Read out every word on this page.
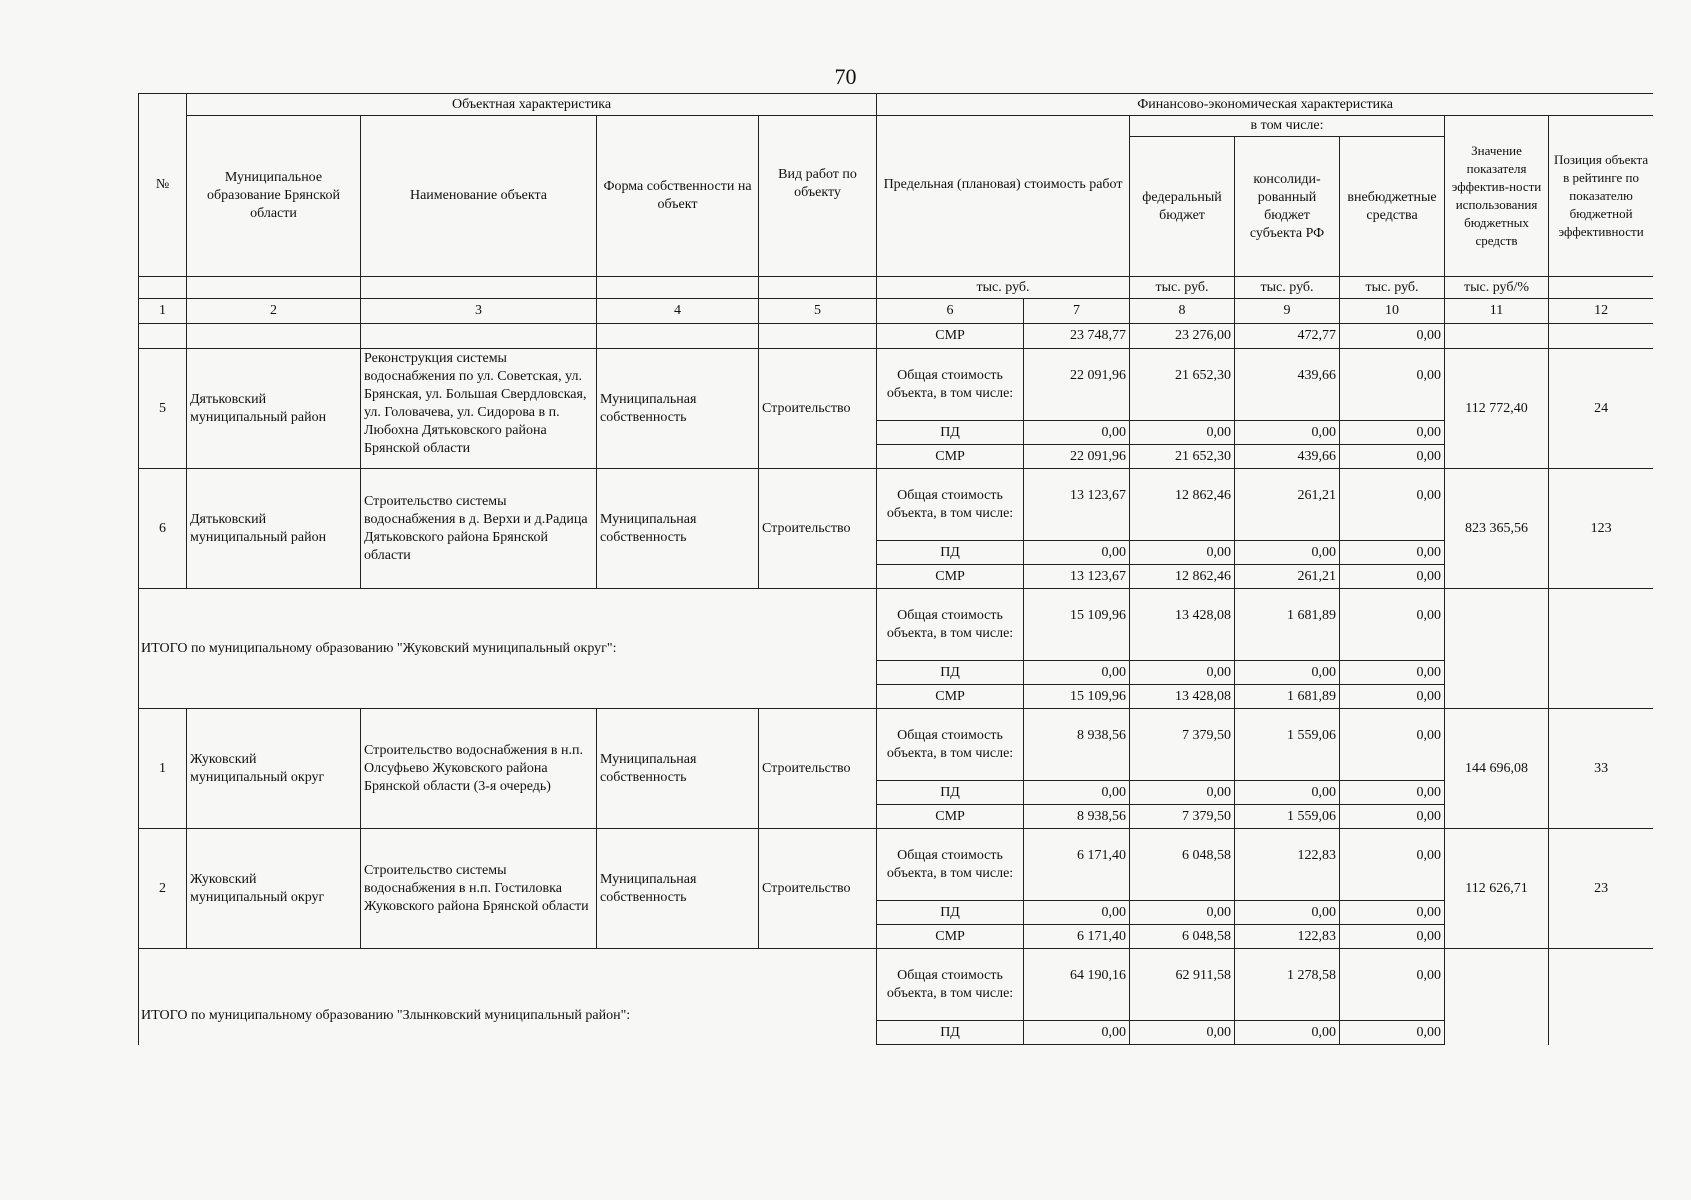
70
№	Объектная характеристика				Финансово-экономическая характеристика						
	Муниципальное образование Брянской области	Наименование объекта	Форма собственности на объект	Вид работ по объекту	Предельная (плановая) стоимость работ		в том числе:			Значение показателя эффектив-ности использования бюджетных средств	Позиция объекта в рейтинге по показателю бюджетной эффективности
							федеральный бюджет	консолиди-рованный бюджет субъекта РФ	внебюджетные средства		
					тыс. руб.		тыс. руб.	тыс. руб.	тыс. руб.	тыс. руб/%	
1	2	3	4	5	6	7	8	9	10	11	12
					СМР	23 748,77	23 276,00	472,77	0,00		
5	Дятьковский муниципальный район	Реконструкция системы водоснабжения по ул. Советская, ул. Брянская, ул. Большая Свердловская, ул. Головачева, ул. Сидорова в п. Любохна Дятьковского района Брянской области	Муниципальная собственность	Строительство	Общая стоимость объекта, в том числе:	22 091,96	21 652,30	439,66	0,00	112 772,40	24
					ПД	0,00	0,00	0,00	0,00		
					СМР	22 091,96	21 652,30	439,66	0,00		
6	Дятьковский муниципальный район	Строительство системы водоснабжения в д. Верхи и д.Радица Дятьковского района Брянской области	Муниципальная собственность	Строительство	Общая стоимость объекта, в том числе:	13 123,67	12 862,46	261,21	0,00	823 365,56	123
					ПД	0,00	0,00	0,00	0,00		
					СМР	13 123,67	12 862,46	261,21	0,00		
ИТОГО по муниципальному образованию "Жуковский муниципальный округ":					Общая стоимость объекта, в том числе:	15 109,96	13 428,08	1 681,89	0,00		
					ПД	0,00	0,00	0,00	0,00		
					СМР	15 109,96	13 428,08	1 681,89	0,00		
1	Жуковский муниципальный округ	Строительство водоснабжения в н.п. Олсуфьево Жуковского района Брянской области (3-я очередь)	Муниципальная собственность	Строительство	Общая стоимость объекта, в том числе:	8 938,56	7 379,50	1 559,06	0,00	144 696,08	33
					ПД	0,00	0,00	0,00	0,00		
					СМР	8 938,56	7 379,50	1 559,06	0,00		
2	Жуковский муниципальный округ	Строительство системы водоснабжения в н.п. Гостиловка Жуковского района Брянской области	Муниципальная собственность	Строительство	Общая стоимость объекта, в том числе:	6 171,40	6 048,58	122,83	0,00	112 626,71	23
					ПД	0,00	0,00	0,00	0,00		
					СМР	6 171,40	6 048,58	122,83	0,00		
ИТОГО по муниципальному образованию "Злынковский муниципальный район":					Общая стоимость объекта, в том числе:	64 190,16	62 911,58	1 278,58	0,00		
					ПД	0,00	0,00	0,00	0,00		
